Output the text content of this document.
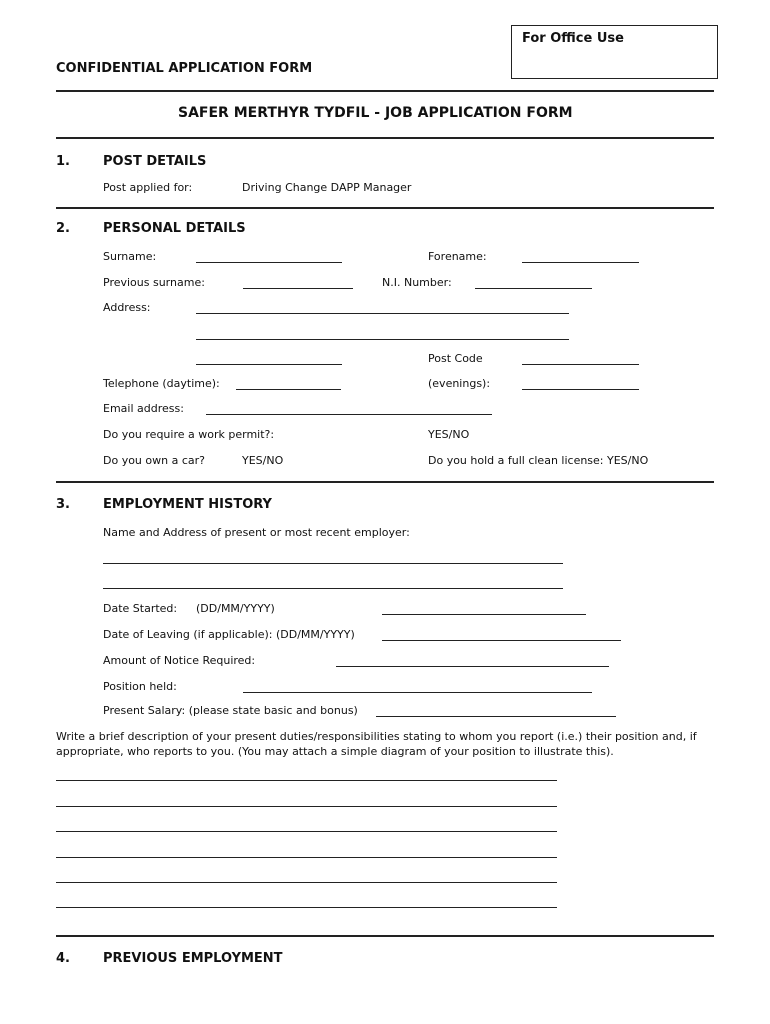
For Office Use
CONFIDENTIAL APPLICATION FORM
SAFER MERTHYR TYDFIL - JOB APPLICATION FORM
1.	POST DETAILS
Post applied for:	Driving Change DAPP Manager
2.	PERSONAL DETAILS
Surname:	Forename:
Previous surname:	N.I. Number:
Address:
Post Code
Telephone (daytime):	(evenings):
Email address:
Do you require a work permit?:	YES/NO
Do you own a car?	YES/NO	Do you hold a full clean license: YES/NO
3.	EMPLOYMENT HISTORY
Name and Address of present or most recent employer:
Date Started: (DD/MM/YYYY)
Date of Leaving (if applicable): (DD/MM/YYYY)
Amount of Notice Required:
Position held:
Present Salary: (please state basic and bonus)
Write a brief description of your present duties/responsibilities stating to whom you report (i.e.) their position and, if appropriate, who reports to you. (You may attach a simple diagram of your position to illustrate this).
4.	PREVIOUS EMPLOYMENT
